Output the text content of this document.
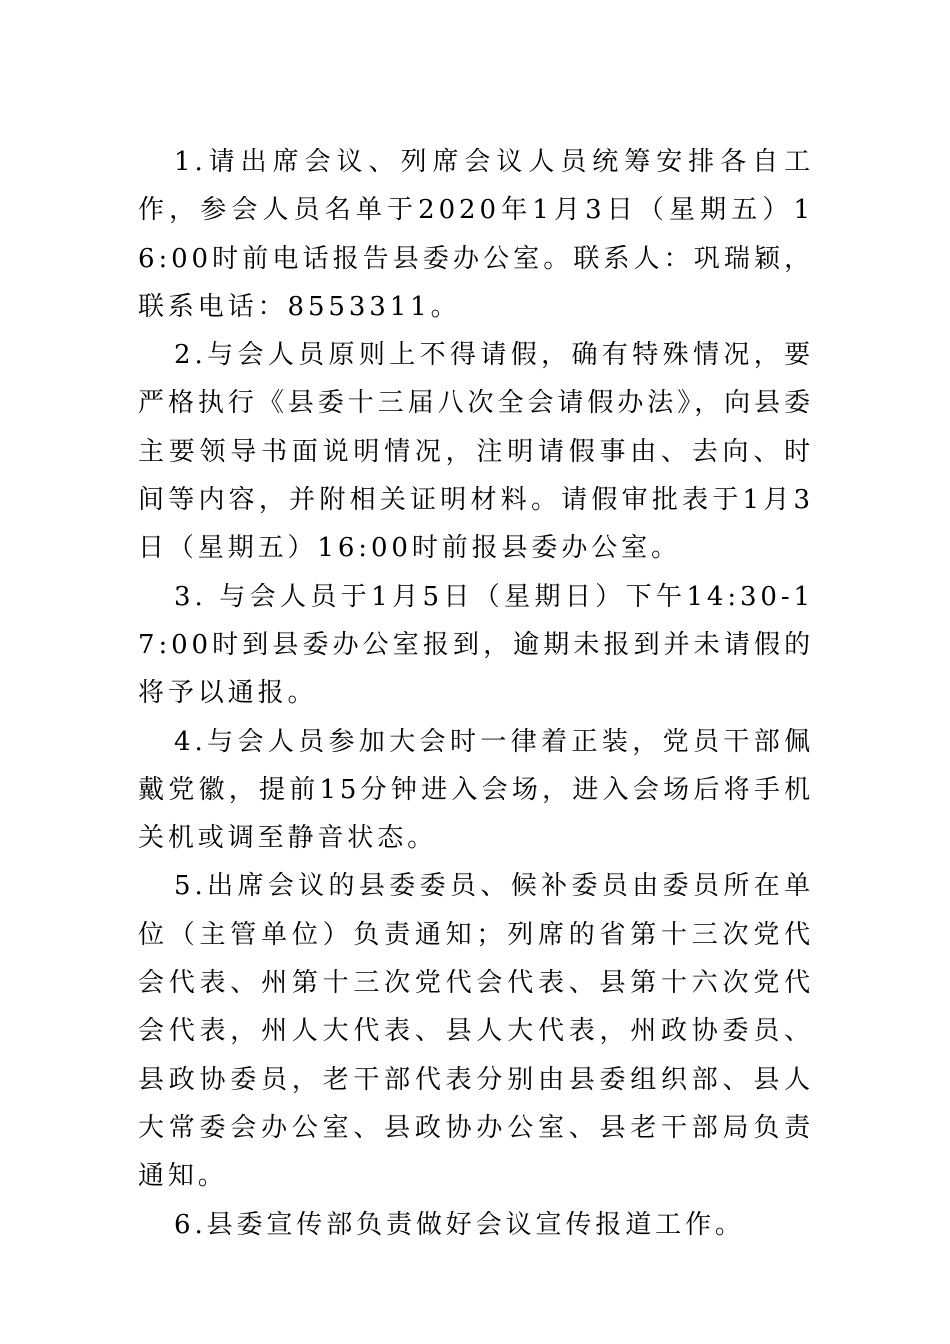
1.请出席会议、列席会议人员统筹安排各自工作，参会人员名单于2020年1月3日（星期五）16:00时前电话报告县委办公室。联系人：巩瑞颖，联系电话：8553311。

2.与会人员原则上不得请假，确有特殊情况，要严格执行《县委十三届八次全会请假办法》，向县委主要领导书面说明情况，注明请假事由、去向、时间等内容，并附相关证明材料。请假审批表于1月3日（星期五）16:00时前报县委办公室。

3. 与会人员于1月5日（星期日）下午14:30-17:00时到县委办公室报到，逾期未报到并未请假的将予以通报。

4.与会人员参加大会时一律着正装，党员干部佩戴党徽，提前15分钟进入会场，进入会场后将手机关机或调至静音状态。

5.出席会议的县委委员、候补委员由委员所在单位（主管单位）负责通知；列席的省第十三次党代会代表、州第十三次党代会代表、县第十六次党代会代表，州人大代表、县人大代表，州政协委员、县政协委员，老干部代表分别由县委组织部、县人大常委会办公室、县政协办公室、县老干部局负责通知。

6.县委宣传部负责做好会议宣传报道工作。
